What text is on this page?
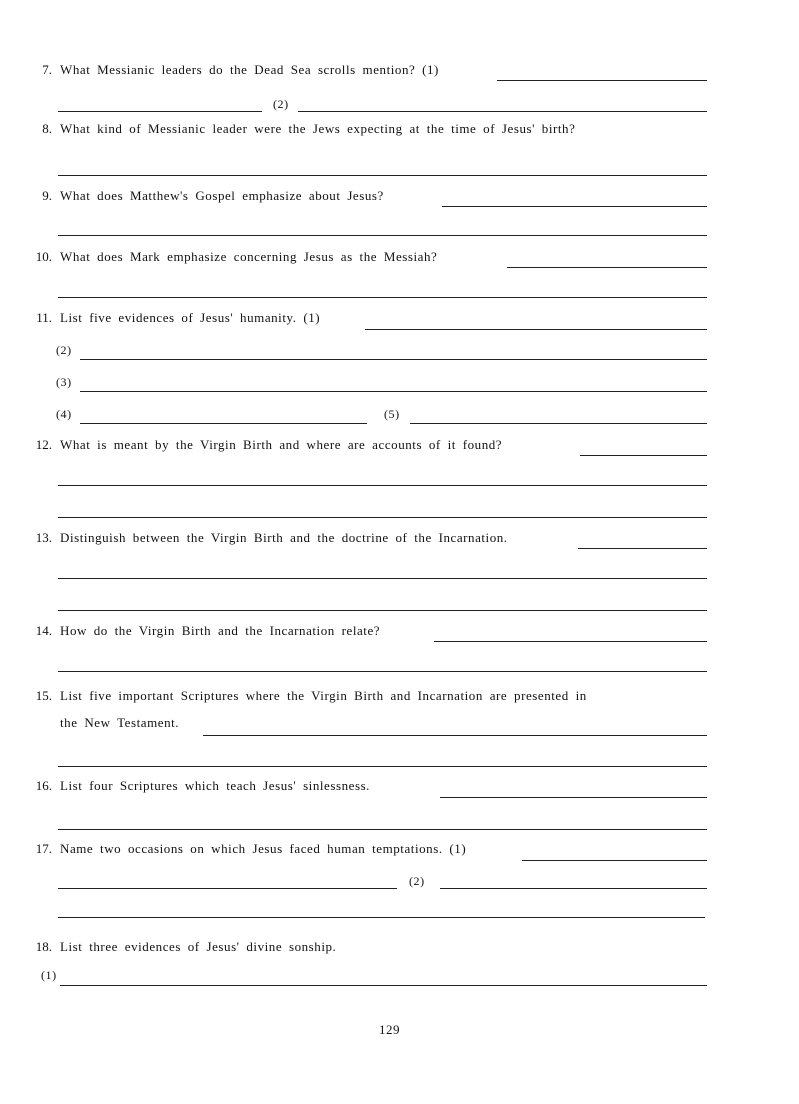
7. What Messianic leaders do the Dead Sea scrolls mention? (1)
(2)
8. What kind of Messianic leader were the Jews expecting at the time of Jesus' birth?
9. What does Matthew's Gospel emphasize about Jesus?
10. What does Mark emphasize concerning Jesus as the Messiah?
11. List five evidences of Jesus' humanity. (1)
(2)
(3)
(4)	(5)
12. What is meant by the Virgin Birth and where are accounts of it found?
13. Distinguish between the Virgin Birth and the doctrine of the Incarnation.
14. How do the Virgin Birth and the Incarnation relate?
15. List five important Scriptures where the Virgin Birth and Incarnation are presented in
the New Testament.
16. List four Scriptures which teach Jesus' sinlessness.
17. Name two occasions on which Jesus faced human temptations. (1)
(2)
18. List three evidences of Jesus' divine sonship.
(1)
129
